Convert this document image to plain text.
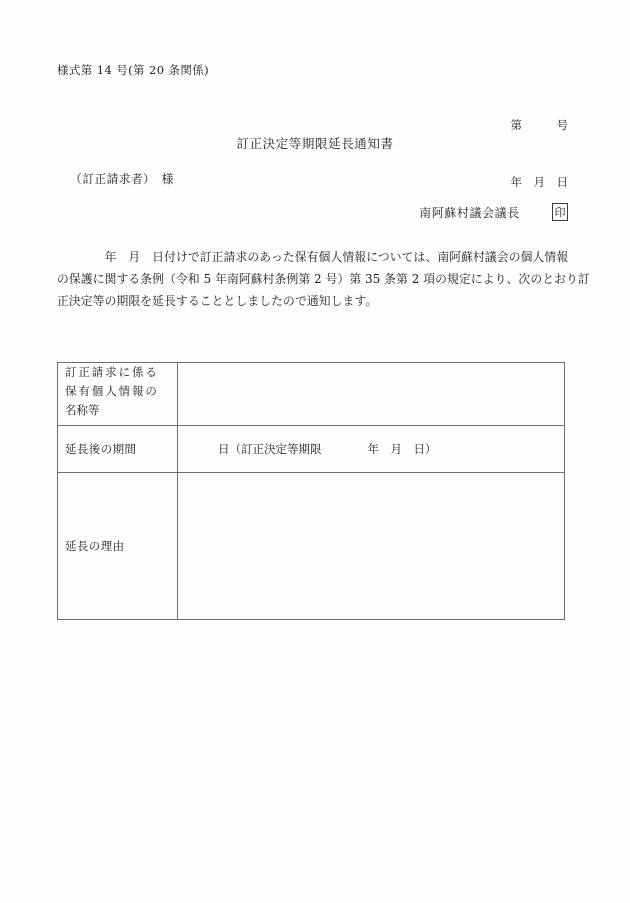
様式第 14 号(第 20 条関係)

第　　　号

年　月　日

訂正決定等期限延長通知書
（訂正請求者）　様
南阿蘇村議会議長	印

　　　　年　月　日付けで訂正請求のあった保有個人情報については、南阿蘇村議会の個人情報

の保護に関する条例（令和 5 年南阿蘇村条例第 2 号）第 35 条第 2 項の規定により、次のとおり訂

正決定等の期限を延長することとしましたので通知します。

訂正請求に係る
保有個人情報の
名称等	

延長後の期間	日（訂正決定等期限　　　　年　月　日）
延長の理由	
